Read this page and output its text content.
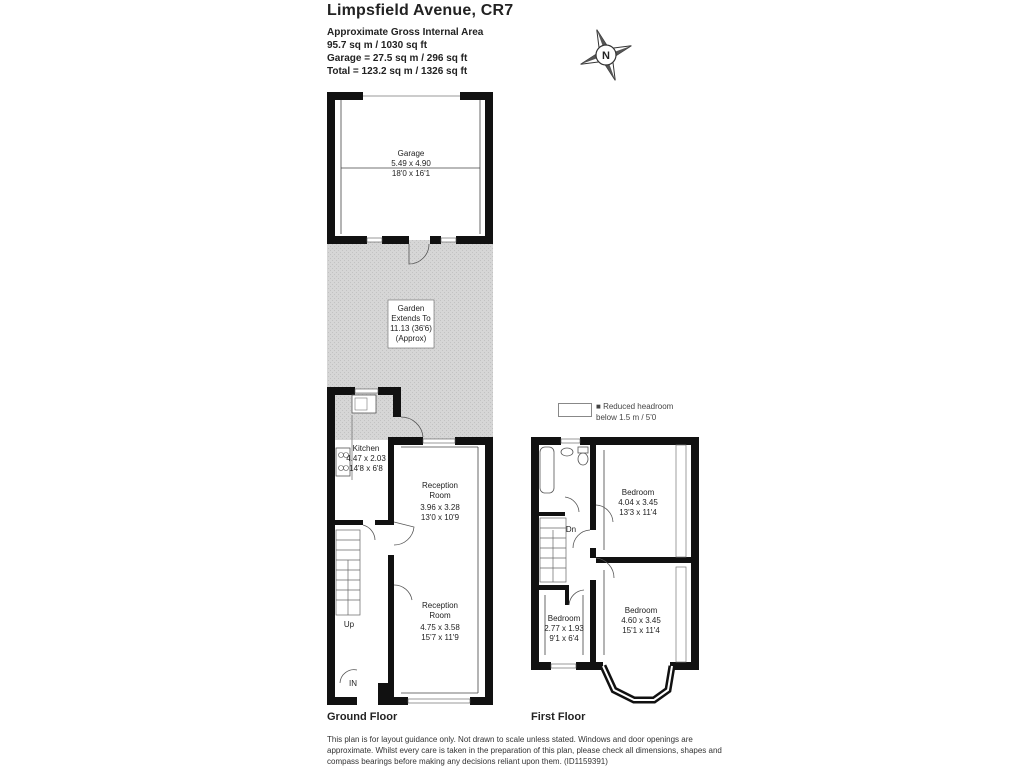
Limpsfield Avenue, CR7
Approximate Gross Internal Area
95.7 sq m / 1030 sq ft
Garage = 27.5 sq m / 296 sq ft
Total = 123.2 sq m / 1326 sq ft
■ Reduced headroom
below 1.5 m / 5'0
Ground Floor	First Floor
This plan is for layout guidance only. Not drawn to scale unless stated. Windows and door openings are approximate. Whilst every care is taken in the preparation of this plan, please check all dimensions, shapes and compass bearings before making any decisions reliant upon them. (ID1159391)
N
Garage
5.49 x 4.90
18'0 x 16'1
Garden
Extends To
11.13 (36'6)
(Approx)
Kitchen
4.47 x 2.03
14'8 x 6'8
Reception
Room
3.96 x 3.28
13'0 x 10'9
Reception
Room
4.75 x 3.58
15'7 x 11'9
Up
IN
Bedroom
4.04 x 3.45
13'3 x 11'4
Bedroom
4.60 x 3.45
15'1 x 11'4
Bedroom
2.77 x 1.93
9'1 x 6'4
Dn
